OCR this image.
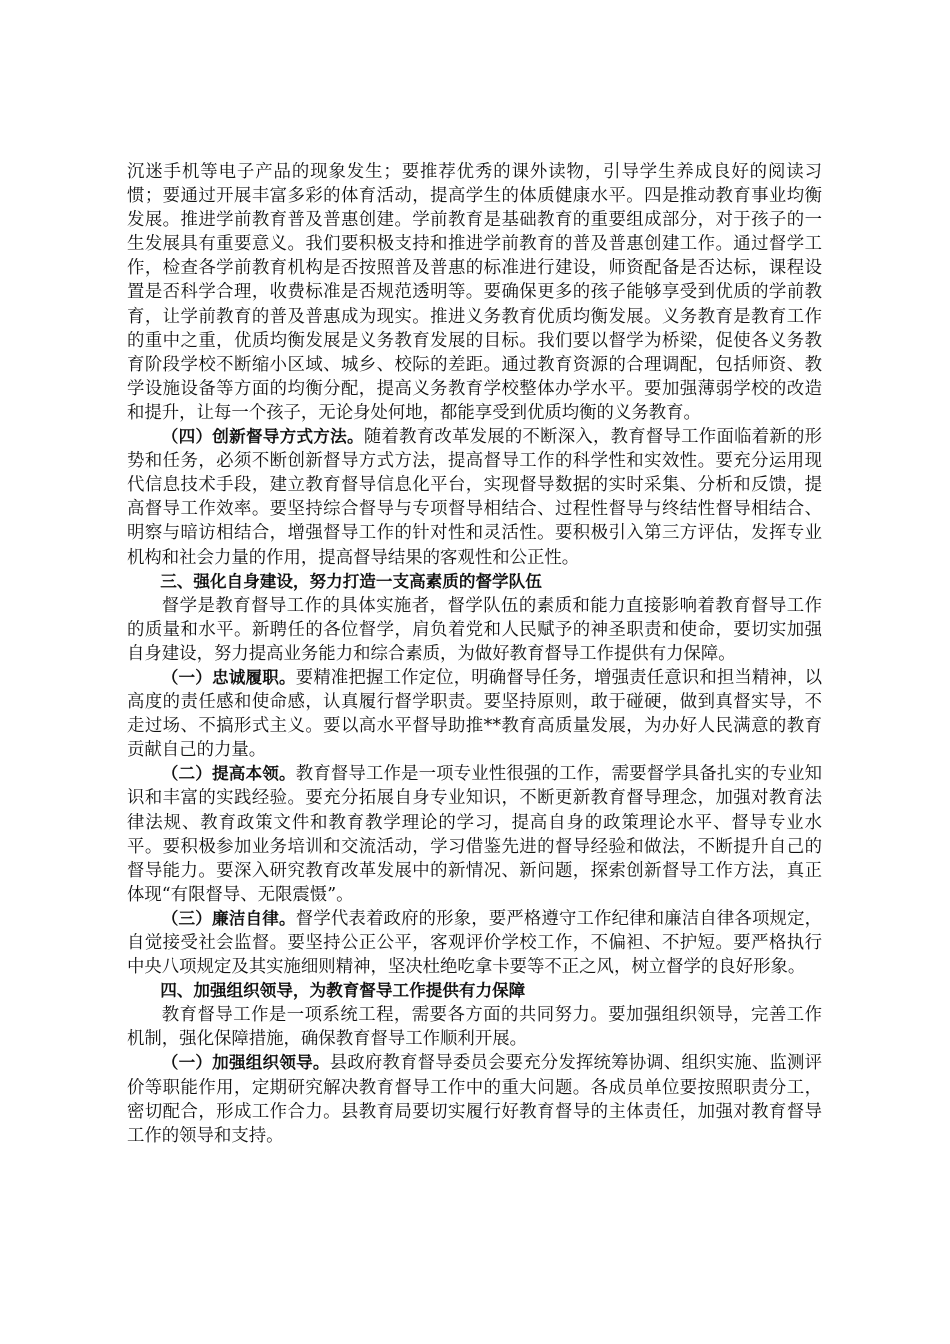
沉迷手机等电子产品的现象发生；要推荐优秀的课外读物，引导学生养成良好的阅读习惯；要通过开展丰富多彩的体育活动，提高学生的体质健康水平。四是推动教育事业均衡发展。推进学前教育普及普惠创建。学前教育是基础教育的重要组成部分，对于孩子的一生发展具有重要意义。我们要积极支持和推进学前教育的普及普惠创建工作。通过督学工作，检查各学前教育机构是否按照普及普惠的标准进行建设，师资配备是否达标，课程设置是否科学合理，收费标准是否规范透明等。要确保更多的孩子能够享受到优质的学前教育，让学前教育的普及普惠成为现实。推进义务教育优质均衡发展。义务教育是教育工作的重中之重，优质均衡发展是义务教育发展的目标。我们要以督学为桥梁，促使各义务教育阶段学校不断缩小区域、城乡、校际的差距。通过教育资源的合理调配，包括师资、教学设施设备等方面的均衡分配，提高义务教育学校整体办学水平。要加强薄弱学校的改造和提升，让每一个孩子，无论身处何地，都能享受到优质均衡的义务教育。

（四）创新督导方式方法。随着教育改革发展的不断深入，教育督导工作面临着新的形势和任务，必须不断创新督导方式方法，提高督导工作的科学性和实效性。要充分运用现代信息技术手段，建立教育督导信息化平台，实现督导数据的实时采集、分析和反馈，提高督导工作效率。要坚持综合督导与专项督导相结合、过程性督导与终结性督导相结合、明察与暗访相结合，增强督导工作的针对性和灵活性。要积极引入第三方评估，发挥专业机构和社会力量的作用，提高督导结果的客观性和公正性。

三、强化自身建设，努力打造一支高素质的督学队伍

督学是教育督导工作的具体实施者，督学队伍的素质和能力直接影响着教育督导工作的质量和水平。新聘任的各位督学，肩负着党和人民赋予的神圣职责和使命，要切实加强自身建设，努力提高业务能力和综合素质，为做好教育督导工作提供有力保障。

（一）忠诚履职。要精准把握工作定位，明确督导任务，增强责任意识和担当精神，以高度的责任感和使命感，认真履行督学职责。要坚持原则，敢于碰硬，做到真督实导，不走过场、不搞形式主义。要以高水平督导助推**教育高质量发展，为办好人民满意的教育贡献自己的力量。

（二）提高本领。教育督导工作是一项专业性很强的工作，需要督学具备扎实的专业知识和丰富的实践经验。要充分拓展自身专业知识，不断更新教育督导理念，加强对教育法律法规、教育政策文件和教育教学理论的学习，提高自身的政策理论水平、督导专业水平。要积极参加业务培训和交流活动，学习借鉴先进的督导经验和做法，不断提升自己的督导能力。要深入研究教育改革发展中的新情况、新问题，探索创新督导工作方法，真正体现“有限督导、无限震慑”。

（三）廉洁自律。督学代表着政府的形象，要严格遵守工作纪律和廉洁自律各项规定，自觉接受社会监督。要坚持公正公平，客观评价学校工作，不偏袒、不护短。要严格执行中央八项规定及其实施细则精神，坚决杜绝吃拿卡要等不正之风，树立督学的良好形象。

四、加强组织领导，为教育督导工作提供有力保障

教育督导工作是一项系统工程，需要各方面的共同努力。要加强组织领导，完善工作机制，强化保障措施，确保教育督导工作顺利开展。

（一）加强组织领导。县政府教育督导委员会要充分发挥统筹协调、组织实施、监测评价等职能作用，定期研究解决教育督导工作中的重大问题。各成员单位要按照职责分工，密切配合，形成工作合力。县教育局要切实履行好教育督导的主体责任，加强对教育督导工作的领导和支持。
